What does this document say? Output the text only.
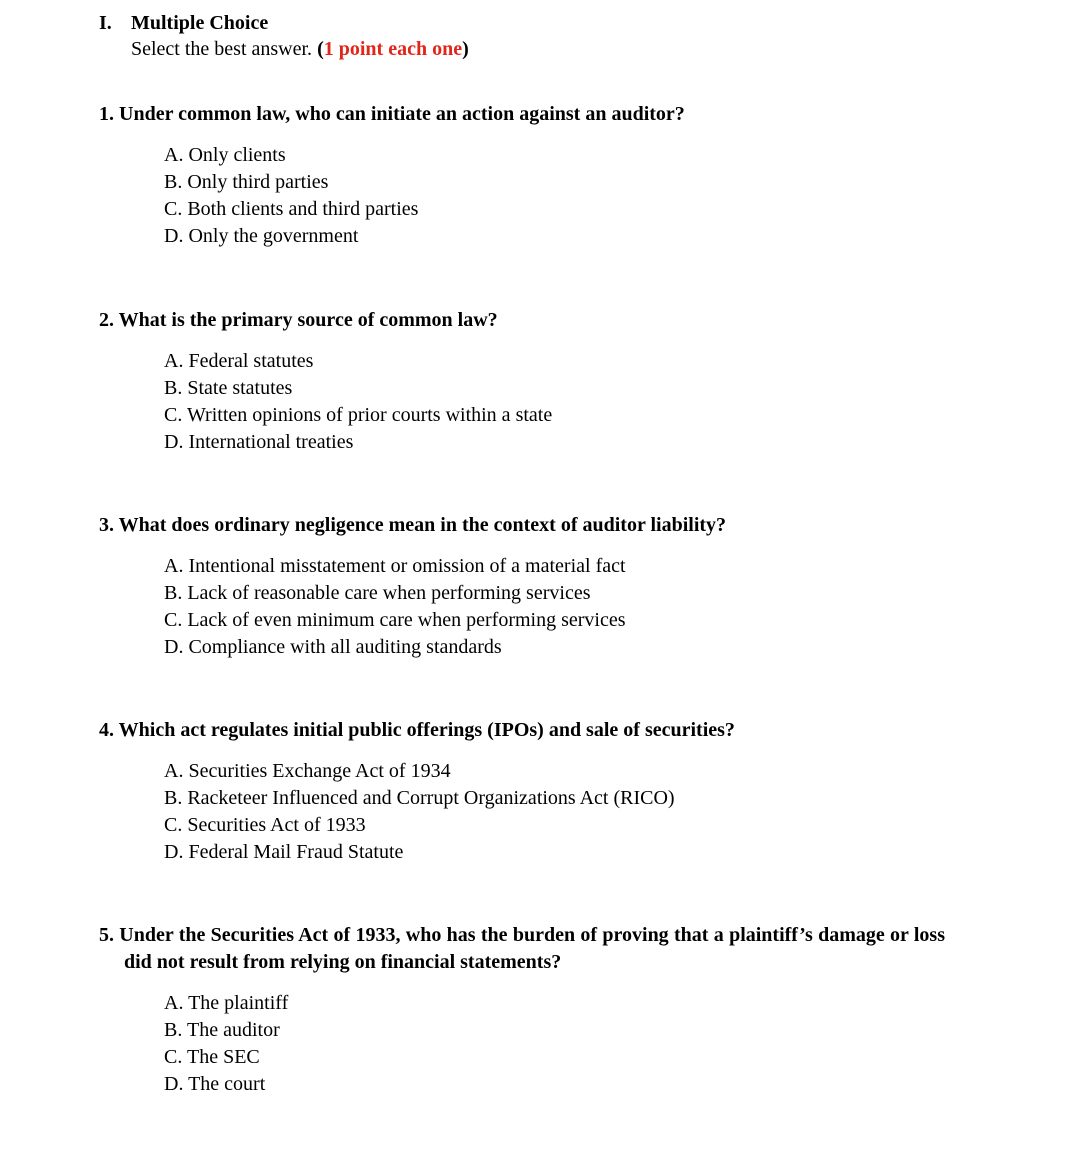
I. Multiple Choice
Select the best answer. (1 point each one)

1. Under common law, who can initiate an action against an auditor?

A. Only clients
B. Only third parties
C. Both clients and third parties
D. Only the government

2. What is the primary source of common law?

A. Federal statutes
B. State statutes
C. Written opinions of prior courts within a state
D. International treaties

3. What does ordinary negligence mean in the context of auditor liability?

A. Intentional misstatement or omission of a material fact
B. Lack of reasonable care when performing services
C. Lack of even minimum care when performing services
D. Compliance with all auditing standards

4. Which act regulates initial public offerings (IPOs) and sale of securities?

A. Securities Exchange Act of 1934
B. Racketeer Influenced and Corrupt Organizations Act (RICO)
C. Securities Act of 1933
D. Federal Mail Fraud Statute

5. Under the Securities Act of 1933, who has the burden of proving that a plaintiff’s damage or loss did not result from relying on financial statements?

A. The plaintiff
B. The auditor
C. The SEC
D. The court
